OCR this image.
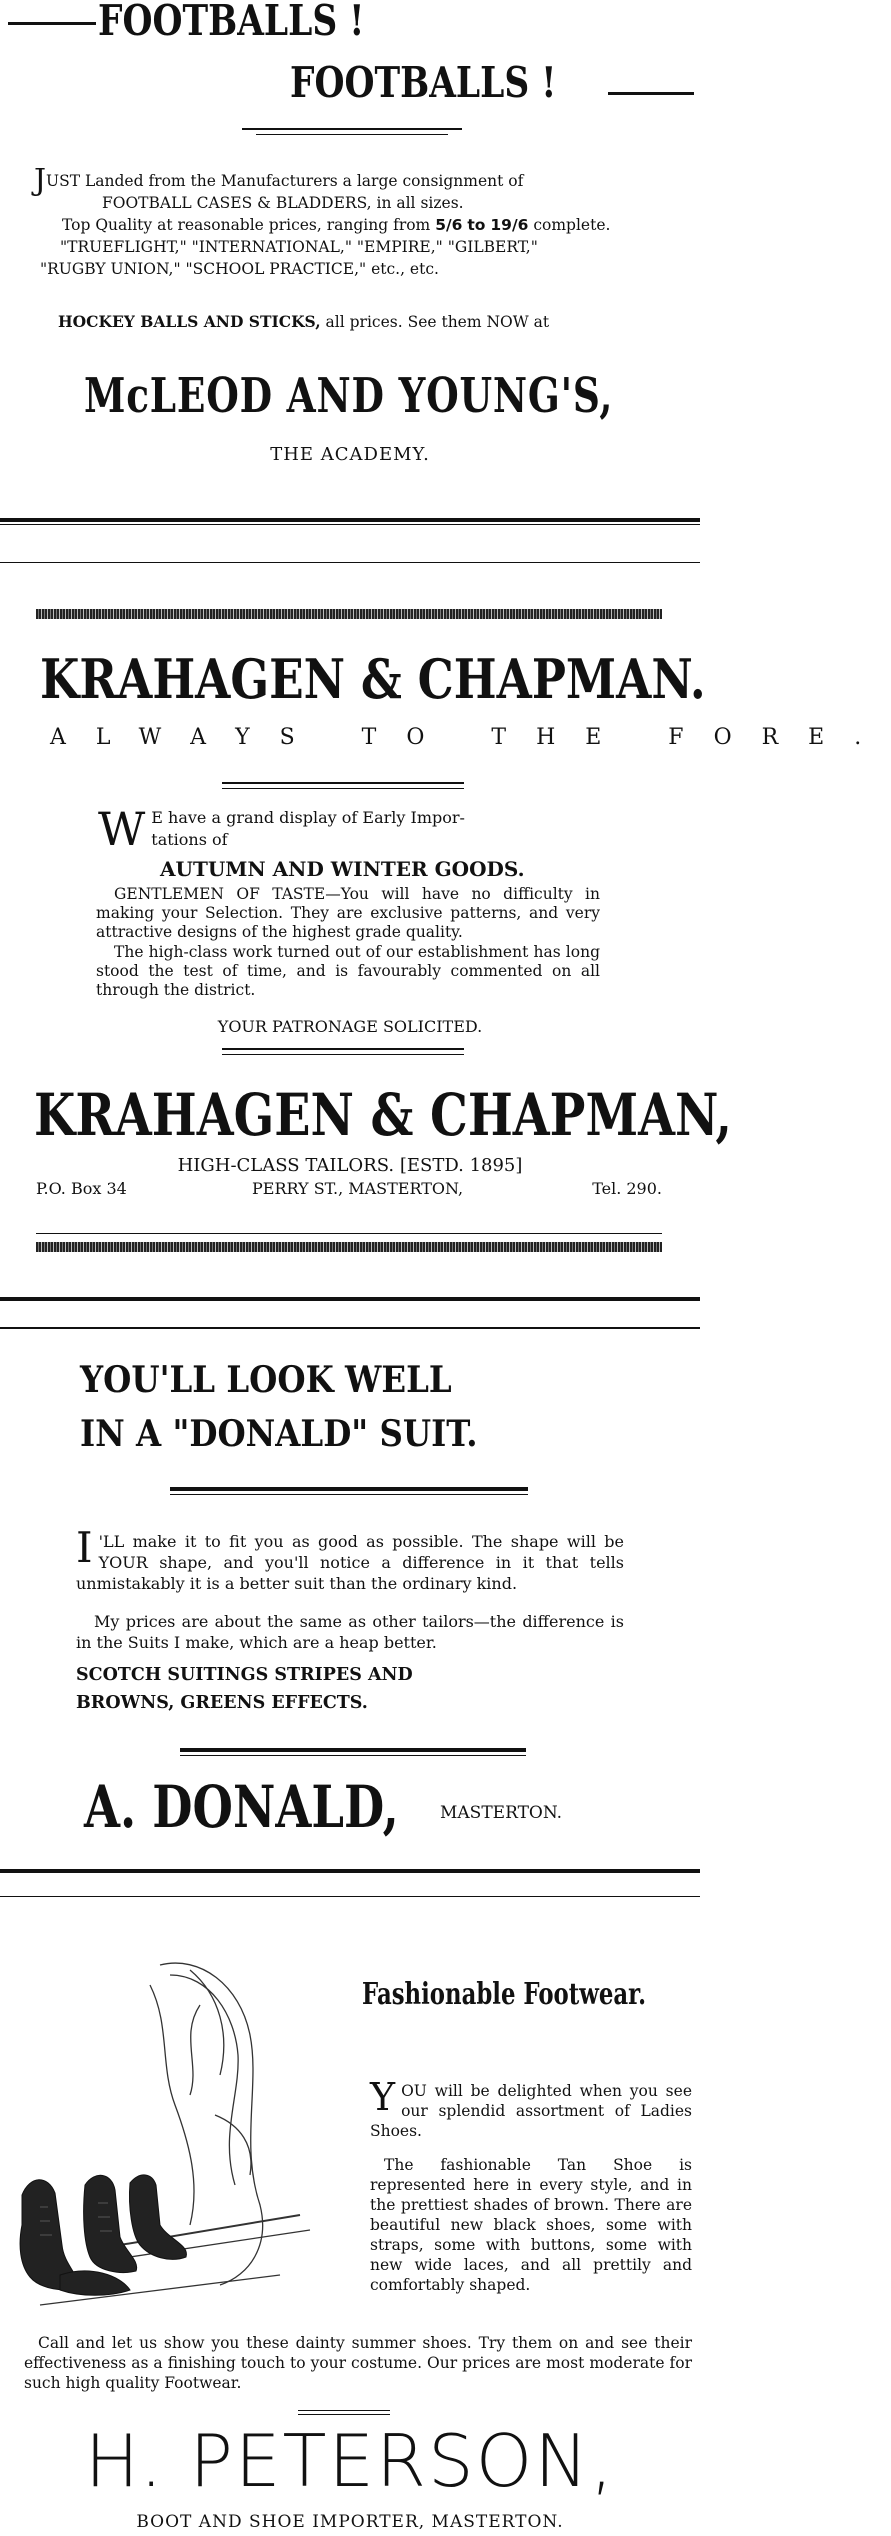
FOOTBALLS !
FOOTBALLS !
JUST Landed from the Manufacturers a large consignment of
FOOTBALL CASES & BLADDERS, in all sizes.
Top Quality at reasonable prices, ranging from 5/6 to 19/6 complete.
"TRUEFLIGHT," "INTERNATIONAL," "EMPIRE," "GILBERT,"
"RUGBY UNION," "SCHOOL PRACTICE," etc., etc.
HOCKEY BALLS AND STICKS, all prices. See them NOW at
McLEOD AND YOUNG'S,
THE ACADEMY.
KRAHAGEN & CHAPMAN.
ALWAYS TO THE FORE.
W E have a grand display of Early Impor-
tations of
AUTUMN AND WINTER GOODS.
GENTLEMEN OF TASTE—You will have no difficulty in making your Selection. They are exclusive patterns, and very attractive designs of the highest grade quality.
The high-class work turned out of our establishment has long stood the test of time, and is favourably commented on all through the district.
YOUR PATRONAGE SOLICITED.
KRAHAGEN & CHAPMAN,
HIGH-CLASS TAILORS. [ESTD. 1895]
P.O. Box 34	PERRY ST., MASTERTON,	Tel. 290.
YOU'LL LOOK WELL
IN A "DONALD" SUIT.
I 'LL make it to fit you as good as possible. The shape will be YOUR shape, and you'll notice a difference in it that tells unmistakably it is a better suit than the ordinary kind.
My prices are about the same as other tailors—the difference is in the Suits I make, which are a heap better.
SCOTCH SUITINGS STRIPES AND
BROWNS, GREENS EFFECTS.
A. DONALD,	MASTERTON.
Fashionable Footwear.
YOU will be delighted when you see our splendid assortment of Ladies Shoes.
The fashionable Tan Shoe is represented here in every style, and in the prettiest shades of brown. There are beautiful new black shoes, some with straps, some with buttons, some with new wide laces, and all prettily and comfortably shaped.
Call and let us show you these dainty summer shoes. Try them on and see their effectiveness as a finishing touch to your costume. Our prices are most moderate for such high quality Footwear.
H. PETERSON,
BOOT AND SHOE IMPORTER, MASTERTON.
